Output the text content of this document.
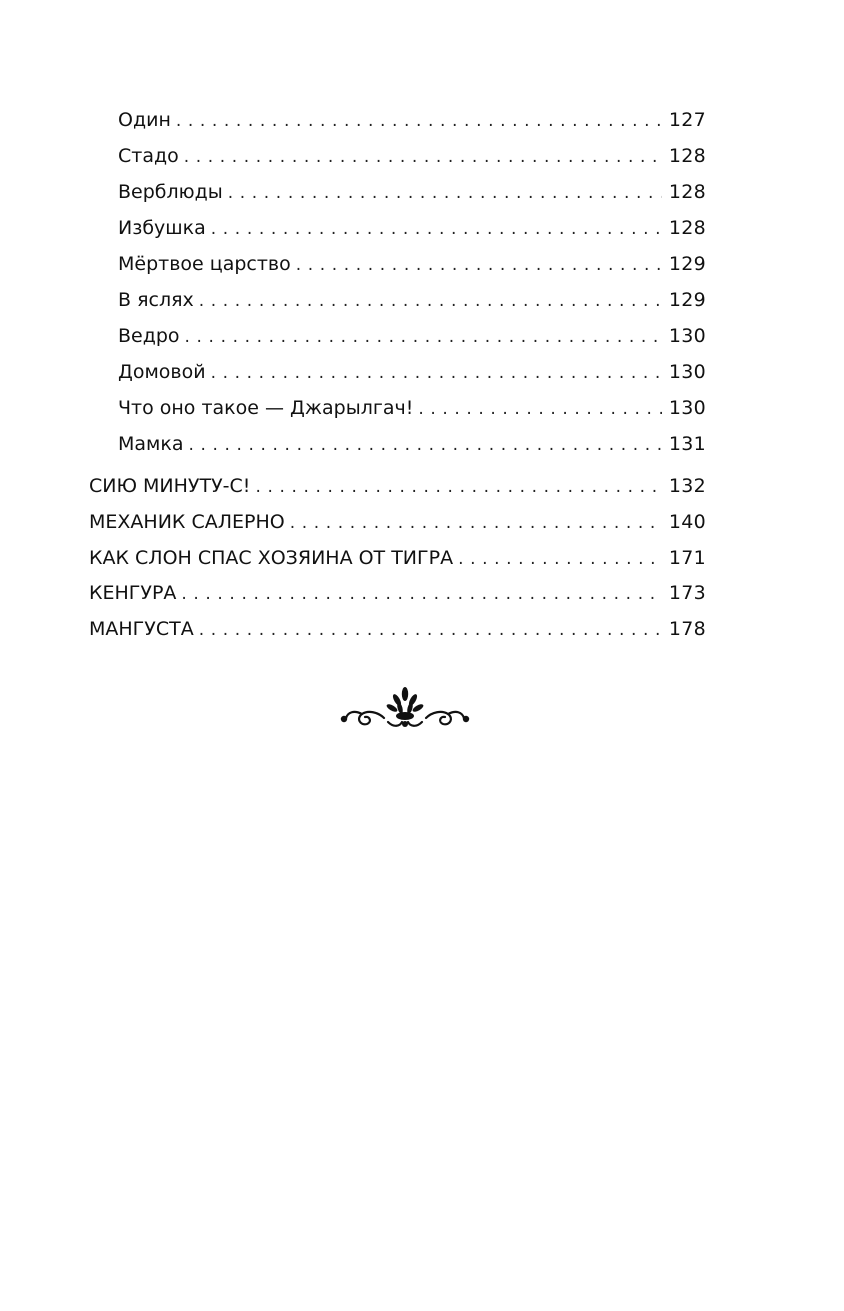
Один . . .	127
Стадо . . .	128
Верблюды . . .	128
Избушка . . .	128
Мёртвое царство . . .	129
В яслях . . .	129
Ведро . . .	130
Домовой . . .	130
Что оно такое — Джарылгач! . . .	130
Мамка . . .	131
СИЮ МИНУТУ-С! . . .	132
МЕХАНИК САЛЕРНО . . .	140
КАК СЛОН СПАС ХОЗЯИНА ОТ ТИГРА . . .	171
КЕНГУРА . . .	173
МАНГУСТА . . .	178
